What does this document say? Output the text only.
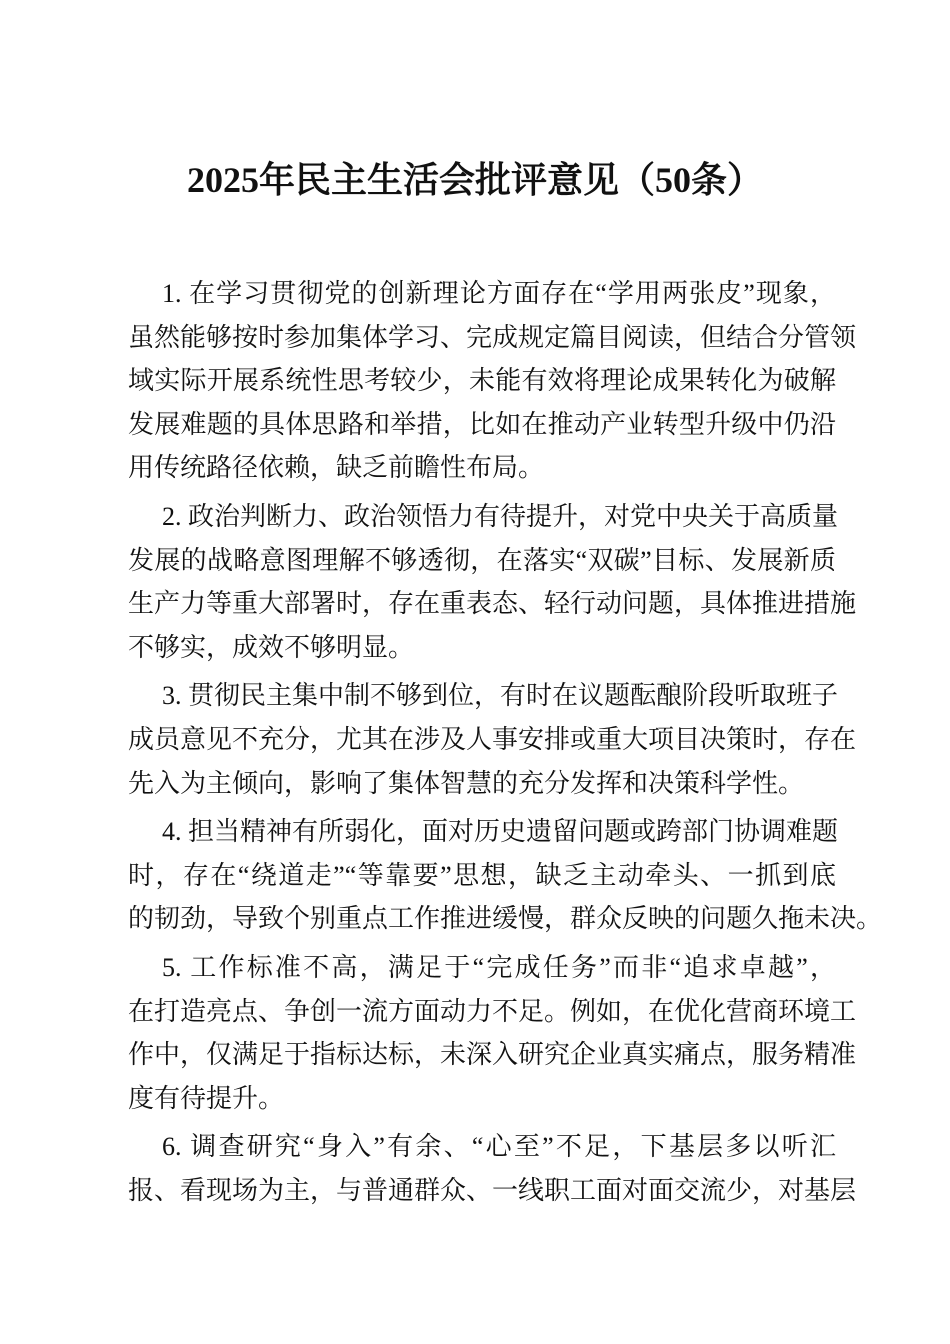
2025年民主生活会批评意见（50条）
1. 在学习贯彻党的创新理论方面存在“学用两张皮”现象，
虽然能够按时参加集体学习、完成规定篇目阅读，但结合分管领
域实际开展系统性思考较少，未能有效将理论成果转化为破解
发展难题的具体思路和举措，比如在推动产业转型升级中仍沿
用传统路径依赖，缺乏前瞻性布局。
2. 政治判断力、政治领悟力有待提升，对党中央关于高质量
发展的战略意图理解不够透彻，在落实“双碳”目标、发展新质
生产力等重大部署时，存在重表态、轻行动问题，具体推进措施
不够实，成效不够明显。
3. 贯彻民主集中制不够到位，有时在议题酝酿阶段听取班子
成员意见不充分，尤其在涉及人事安排或重大项目决策时，存在
先入为主倾向，影响了集体智慧的充分发挥和决策科学性。
4. 担当精神有所弱化，面对历史遗留问题或跨部门协调难题
时，存在“绕道走”“等靠要”思想，缺乏主动牵头、一抓到底
的韧劲，导致个别重点工作推进缓慢，群众反映的问题久拖未决。
5. 工作标准不高，满足于“完成任务”而非“追求卓越”，
在打造亮点、争创一流方面动力不足。例如，在优化营商环境工
作中，仅满足于指标达标，未深入研究企业真实痛点，服务精准
度有待提升。
6. 调查研究“身入”有余、“心至”不足，下基层多以听汇
报、看现场为主，与普通群众、一线职工面对面交流少，对基层
